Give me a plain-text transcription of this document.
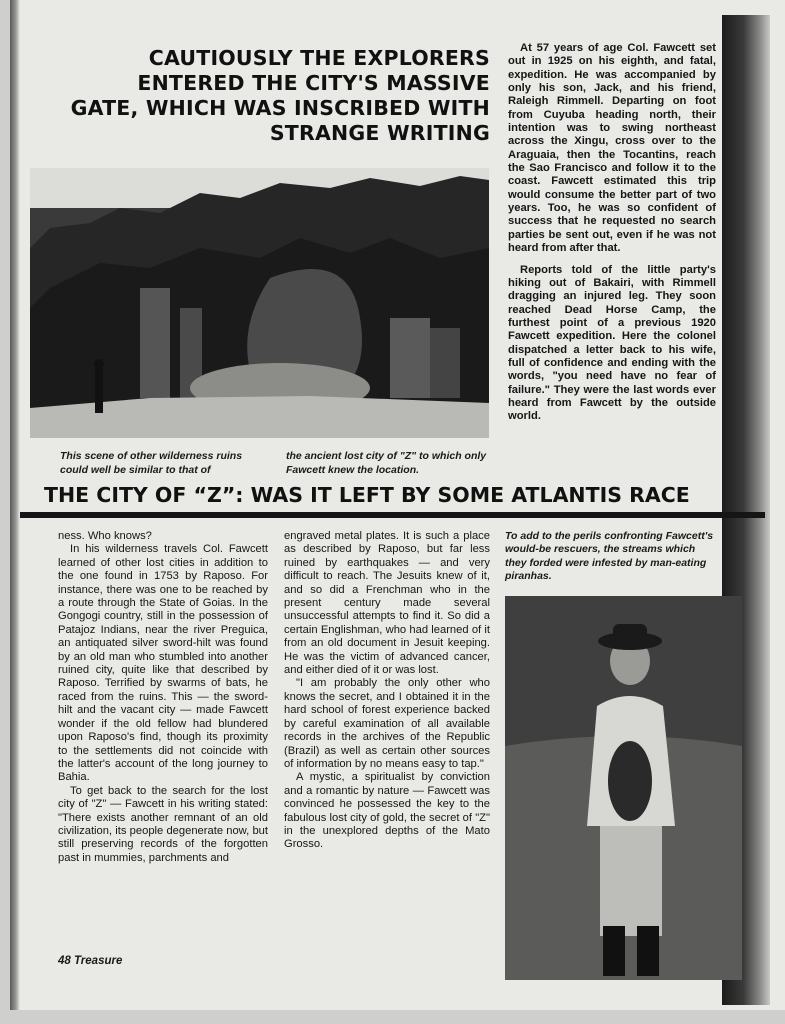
CAUTIOUSLY THE EXPLORERS ENTERED THE CITY'S MASSIVE GATE, WHICH WAS INSCRIBED WITH STRANGE WRITING
This scene of other wilderness ruins could well be similar to that of
the ancient lost city of "Z" to which only Fawcett knew the location.

At 57 years of age Col. Fawcett set out in 1925 on his eighth, and fatal, expedition. He was accompanied by only his son, Jack, and his friend, Raleigh Rimmell. Departing on foot from Cuyuba heading north, their intention was to swing northeast across the Xingu, cross over to the Araguaia, then the Tocantins, reach the Sao Francisco and follow it to the coast. Fawcett estimated this trip would consume the better part of two years. Too, he was so confident of success that he requested no search parties be sent out, even if he was not heard from after that.

Reports told of the little party's hiking out of Bakairi, with Rimmell dragging an injured leg. They soon reached Dead Horse Camp, the furthest point of a previous 1920 Fawcett expedition. Here the colonel dispatched a letter back to his wife, full of confidence and ending with the words, "you need have no fear of failure." They were the last words ever heard from Fawcett by the outside world.

THE CITY OF “Z”: WAS IT LEFT BY SOME ATLANTIS RACE

ness. Who knows?

In his wilderness travels Col. Fawcett learned of other lost cities in addition to the one found in 1753 by Raposo. For instance, there was one to be reached by a route through the State of Goias. In the Gongogi country, still in the possession of Patajoz Indians, near the river Preguica, an antiquated silver sword-hilt was found by an old man who stumbled into another ruined city, quite like that described by Raposo. Terrified by swarms of bats, he raced from the ruins. This — the sword-hilt and the vacant city — made Fawcett wonder if the old fellow had blundered upon Raposo's find, though its proximity to the settlements did not coincide with the latter's account of the long journey to Bahia.

To get back to the search for the lost city of "Z" — Fawcett in his writing stated: "There exists another remnant of an old civilization, its people degenerate now, but still preserving records of the forgotten past in mummies, parchments and

engraved metal plates. It is such a place as described by Raposo, but far less ruined by earthquakes — and very difficult to reach. The Jesuits knew of it, and so did a Frenchman who in the present century made several unsuccessful attempts to find it. So did a certain Englishman, who had learned of it from an old document in Jesuit keeping. He was the victim of advanced cancer, and either died of it or was lost.

"I am probably the only other who knows the secret, and I obtained it in the hard school of forest experience backed by careful examination of all available records in the archives of the Republic (Brazil) as well as certain other sources of information by no means easy to tap."

A mystic, a spiritualist by conviction and a romantic by nature — Fawcett was convinced he possessed the key to the fabulous lost city of gold, the secret of "Z" in the unexplored depths of the Mato Grosso.

To add to the perils confronting Fawcett's would-be rescuers, the streams which they forded were infested by man-eating piranhas.
48 Treasure
